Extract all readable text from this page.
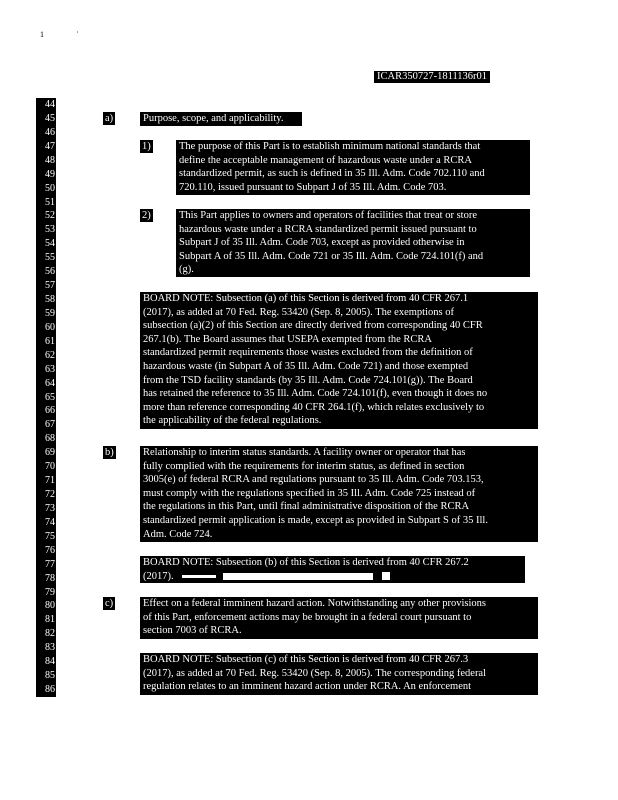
1	·
ICAR350727-1811136r01
44
45
46
47
48
49
50
51
52
53
54
55
56
57
58
59
60
61
62
63
64
65
66
67
68
69
70
71
72
73
74
75
76
77
78
79
80
81
82
83
84
85
86
a)	Purpose, scope, and applicability.
1)	The purpose of this Part is to establish minimum national standards that
define the acceptable management of hazardous waste under a RCRA
standardized permit, as such is defined in 35 Ill. Adm. Code 702.110 and
720.110, issued pursuant to Subpart J of 35 Ill. Adm. Code 703.
2)	This Part applies to owners and operators of facilities that treat or store
hazardous waste under a RCRA standardized permit issued pursuant to
Subpart J of 35 Ill. Adm. Code 703, except as provided otherwise in
Subpart A of 35 Ill. Adm. Code 721 or 35 Ill. Adm. Code 724.101(f) and
(g).
BOARD NOTE: Subsection (a) of this Section is derived from 40 CFR 267.1
(2017), as added at 70 Fed. Reg. 53420 (Sep. 8, 2005). The exemptions of
subsection (a)(2) of this Section are directly derived from corresponding 40 CFR
267.1(b). The Board assumes that USEPA exempted from the RCRA
standardized permit requirements those wastes excluded from the definition of
hazardous waste (in Subpart A of 35 Ill. Adm. Code 721) and those exempted
from the TSD facility standards (by 35 Ill. Adm. Code 724.101(g)). The Board
has retained the reference to 35 Ill. Adm. Code 724.101(f), even though it does no
more than reference corresponding 40 CFR 264.1(f), which relates exclusively to
the applicability of the federal regulations.
b)	Relationship to interim status standards. A facility owner or operator that has
fully complied with the requirements for interim status, as defined in section
3005(e) of federal RCRA and regulations pursuant to 35 Ill. Adm. Code 703.153,
must comply with the regulations specified in 35 Ill. Adm. Code 725 instead of
the regulations in this Part, until final administrative disposition of the RCRA
standardized permit application is made, except as provided in Subpart S of 35 Ill.
Adm. Code 724.
BOARD NOTE: Subsection (b) of this Section is derived from 40 CFR 267.2
(2017).
c)	Effect on a federal imminent hazard action. Notwithstanding any other provisions
of this Part, enforcement actions may be brought in a federal court pursuant to
section 7003 of RCRA.
BOARD NOTE: Subsection (c) of this Section is derived from 40 CFR 267.3
(2017), as added at 70 Fed. Reg. 53420 (Sep. 8, 2005). The corresponding federal
regulation relates to an imminent hazard action under RCRA. An enforcement
